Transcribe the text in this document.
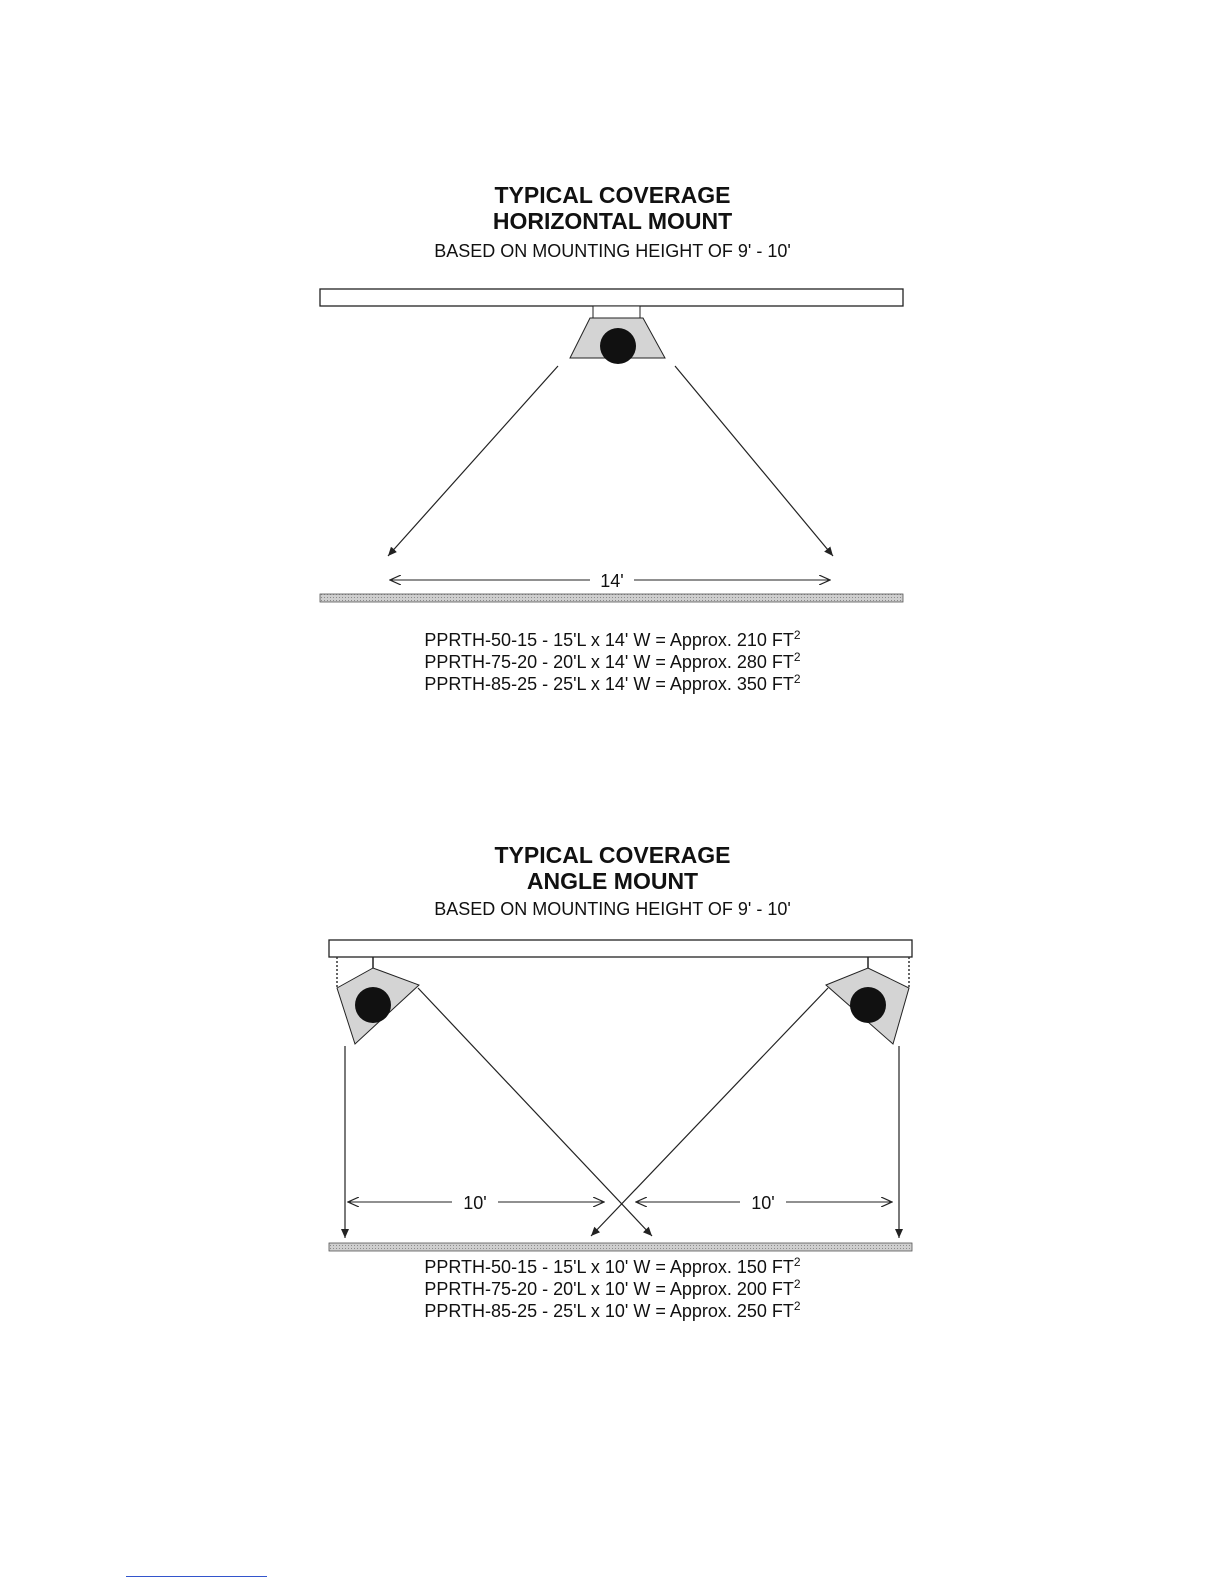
TYPICAL COVERAGE
HORIZONTAL MOUNT
BASED ON MOUNTING HEIGHT OF 9' - 10'
PPRTH-50-15 - 15'L x 14' W = Approx. 210 $FT^2$
PPRTH-75-20 - 20'L x 14' W = Approx. 280 $FT^2$
PPRTH-85-25 - 25'L x 14' W = Approx. 350 $FT^2$
TYPICAL COVERAGE
ANGLE MOUNT
BASED ON MOUNTING HEIGHT OF 9' - 10'
PPRTH-50-15 - 15'L x 10' W = Approx. 150 $FT^2$
PPRTH-75-20 - 20'L x 10' W = Approx. 200 $FT^2$
PPRTH-85-25 - 25'L x 10' W = Approx. 250 $FT^2$
14'
10'	10'
